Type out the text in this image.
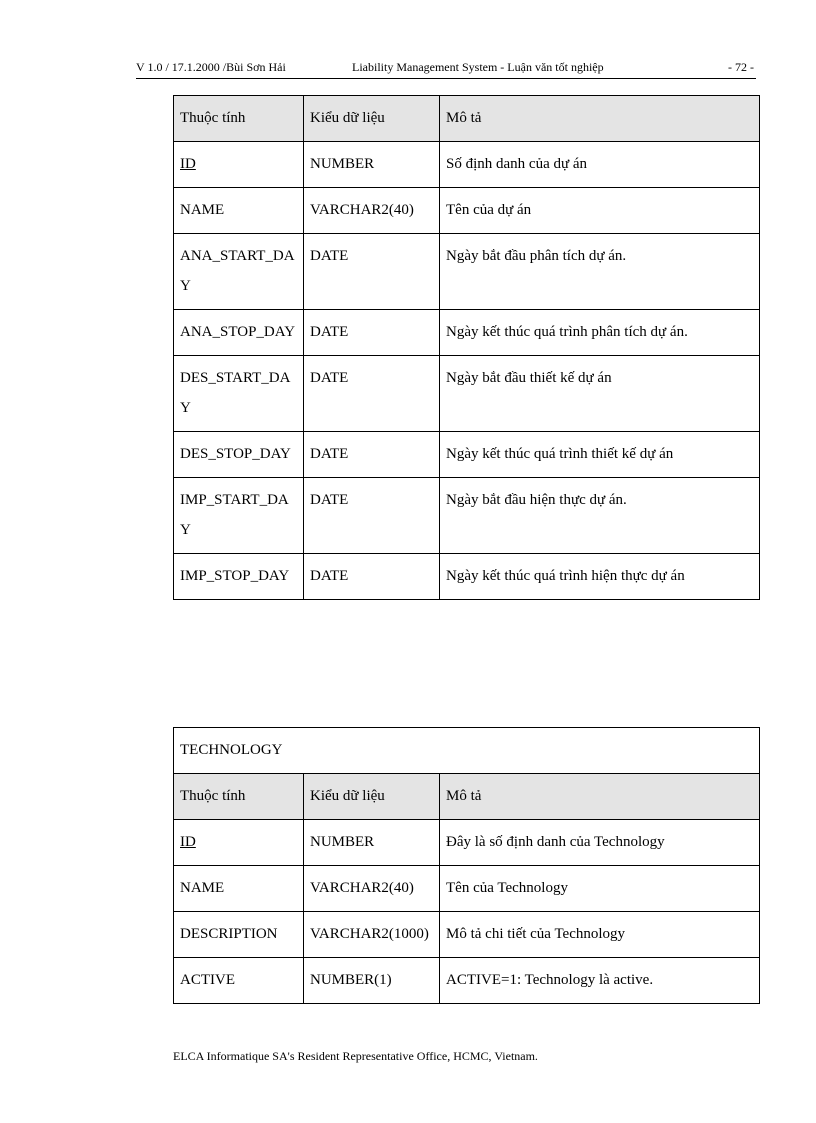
V 1.0 / 17.1.2000 /Bùi Sơn Hải	Liability Management System - Luận văn tốt nghiệp	- 72 -
Thuộc tính	Kiểu dữ liệu	Mô tả
ID	NUMBER	Số định danh của dự án
NAME	VARCHAR2(40)	Tên của dự án
ANA_START_DAY	DATE	Ngày bắt đầu phân tích dự án.
ANA_STOP_DAY	DATE	Ngày kết thúc quá trình phân tích dự án.
DES_START_DAY	DATE	Ngày bắt đầu thiết kế dự án
DES_STOP_DAY	DATE	Ngày kết thúc quá trình thiết kế dự án
IMP_START_DAY	DATE	Ngày bắt đầu hiện thực dự án.
IMP_STOP_DAY	DATE	Ngày kết thúc quá trình hiện thực dự án
TECHNOLOGY		
Thuộc tính	Kiểu dữ liệu	Mô tả
ID	NUMBER	Đây là số định danh của Technology
NAME	VARCHAR2(40)	Tên của Technology
DESCRIPTION	VARCHAR2(1000)	Mô tả chi tiết của Technology
ACTIVE	NUMBER(1)	ACTIVE=1: Technology là active.
ELCA Informatique SA's Resident Representative Office, HCMC, Vietnam.
